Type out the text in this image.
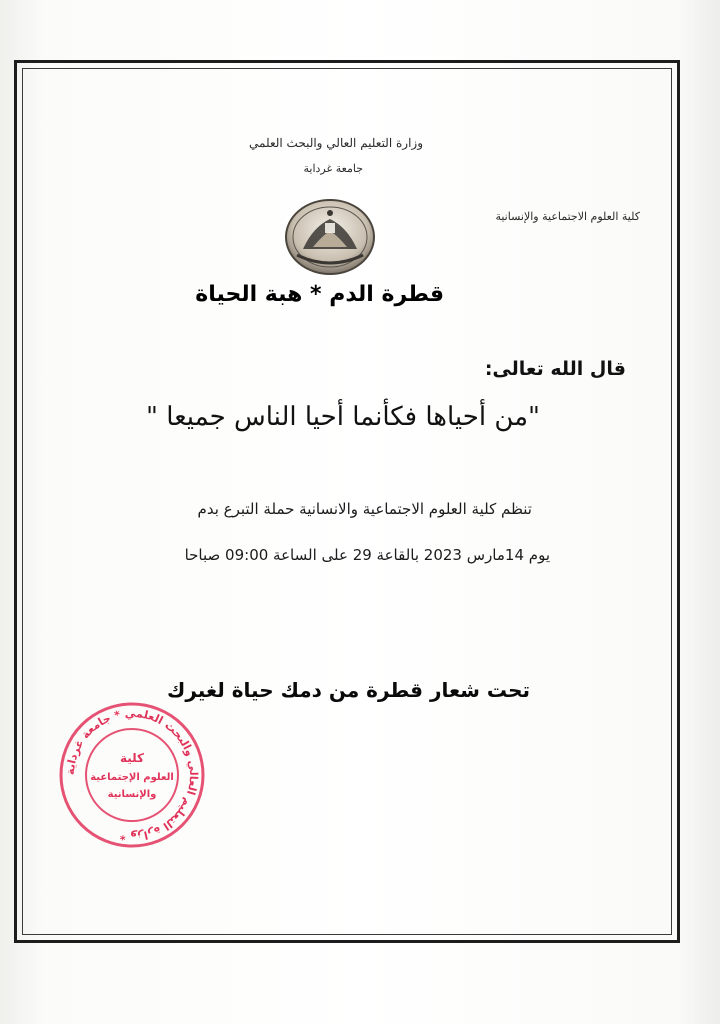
وزارة التعليم العالي والبحث العلمي
جامعة غرداية
كلية العلوم الاجتماعية والإنسانية
قطرة الدم * هبة الحياة
قال الله تعالى:
"من أحياها فكأنما أحيا الناس جميعا "
تنظم كلية العلوم الاجتماعية والانسانية حملة التبرع بدم
يوم 14مارس 2023 بالقاعة 29 على الساعة 09:00 صباحا
تحت شعار قطرة من دمك حياة لغيرك
وزارة التعليم العالي والبحث العلمي * جامعة غرداية *
كلية
العلوم الإجتماعية
والإنسانية
